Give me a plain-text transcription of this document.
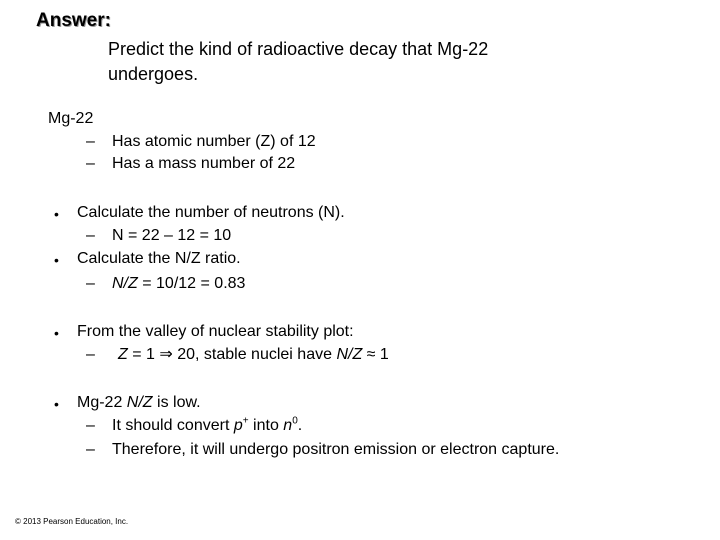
Answer:
Predict the kind of radioactive decay that Mg-22
undergoes.
Mg-22
– Has atomic number (Z) of 12
– Has a mass number of 22
• Calculate the number of neutrons (N).
– N = 22 – 12 = 10
• Calculate the N/Z ratio.
– N/Z = 10/12 = 0.83
• From the valley of nuclear stability plot:
– Z = 1 ⇒ 20, stable nuclei have N/Z ≈ 1
• Mg-22 N/Z is low.
– It should convert p+ into $n^0$.
– Therefore, it will undergo positron emission or electron capture.
© 2013 Pearson Education, Inc.
